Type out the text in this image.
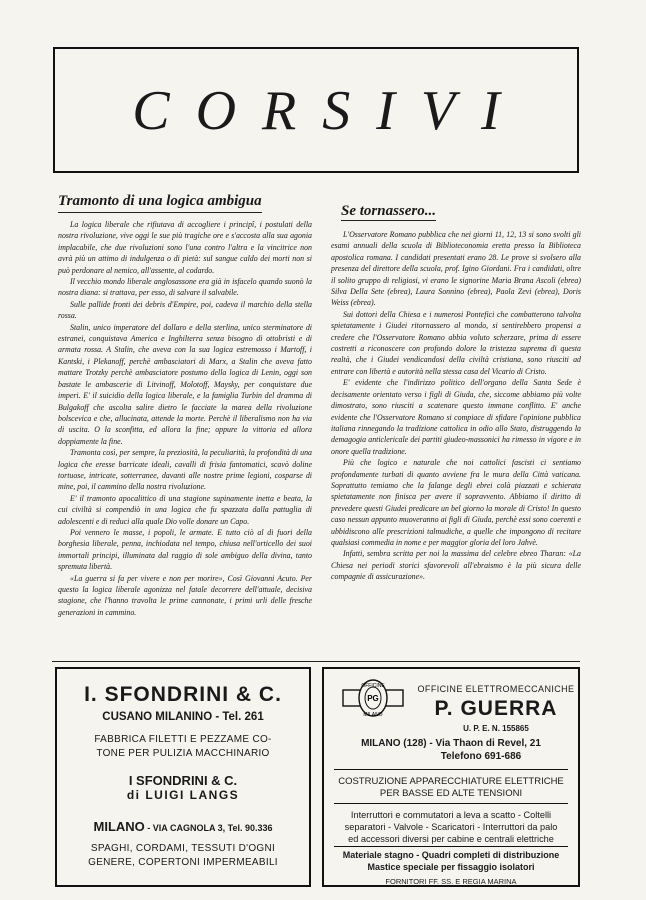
CORSIVI
Tramonto di una logica ambigua

La logica liberale che rifiutava di accogliere i principî, i postulati della nostra rivoluzione, vive oggi le sue più tragiche ore e s'accosta alla sua agonia implacabile, che due rivoluzioni sono l'una contro l'altra e la vincitrice non avrà più un attimo di indulgenza o di pietà: sul sangue caldo dei morti non si può perdonare al nemico, all'assente, al codardo.

Il vecchio mondo liberale anglosassone era già in isfacelo quando suonò la nostra diana: si trattava, per esso, di salvare il salvabile.

Sulle pallide fronti dei debris d'Empire, poi, cadeva il marchio della stella rossa.

Stalin, unico imperatore del dollaro e della sterlina, unico sterminatore di estranei, conquistava America e Inghilterra senza bisogno di ottobristi e di armata rossa. A Stalin, che aveva con la sua logica estremosso i Martoff, i Kantski, i Plekanoff, perchè ambasciatori di Marx, a Stalin che aveva fatto mattare Trotzky perchè ambasciatore postumo della logica di Lenin, oggi son bastate le ambascerie di Litvinoff, Molotoff, Maysky, per conquistare due imperi. E' il suicidio della logica liberale, e la famiglia Turbin del dramma di Bulgakoff che ascolta salire dietro le facciate la marea della rivoluzione bolscevica e che, allucinata, attende la morte. Perchè il liberalismo non ha via di uscita. O la sconfitta, ed allora la fine; oppure la vittoria ed allora doppiamente la fine.

Tramonta così, per sempre, la preziosità, la peculiarità, la profondità di una logica che eresse barricate ideali, cavalli di frisia fantomatici, scavò doline tortuose, intricate, sotterranee, davanti alle nostre prime legioni, cosparse di mine, poi, il cammino della nostra rivoluzione.

E' il tramonto apocalittico di una stagione supinamente inetta e beata, la cui civiltà si compendiò in una logica che fu spazzata dalla pattuglia di adolescenti e di reduci alla quale Dio volle donare un Capo.

Poi vennero le masse, i popoli, le armate. E tutto ciò al di fuori della borghesia liberale, penna, inchiodata nel tempo, chiusa nell'orticello dei suoi immortali principi, illuminata dal raggio di sole ambiguo della divina, tanto spremuta libertà.

«La guerra si fa per vivere e non per morire», Così Giovanni Acuto. Per questo la logica liberale agonizza nel fatale decorrere dell'attuale, decisiva stagione, che l'hanno travolta le prime cannonate, i primi urli delle fresche generazioni in cammino.

Se tornassero...

L'Osservatore Romano pubblica che nei giorni 11, 12, 13 si sono svolti gli esami annuali della scuola di Biblioteconomia eretta presso la Biblioteca apostolica romana. I candidati presentati erano 28. Le prove si svolsero alla presenza del direttore della scuola, prof. Igino Giordani. Fra i candidati, oltre il solito gruppo di religiosi, vi erano le signorine Maria Brana Ascoli (ebrea) Silva Della Sete (ebrea), Laura Sonnino (ebrea), Paola Zevi (ebrea), Doris Weiss (ebrea).

Sui dottori della Chiesa e i numerosi Pontefici che combatterono talvolta spietatamente i Giudei ritornassero al mondo, si sentirebbero propensi a credere che l'Osservatore Romano abbia voluto scherzare, prima di essere costretti a riconoscere con profondo dolore la tristezza suprema di questa realtà, che i Giudei vendicandosi della civiltà cristiana, sono riusciti ad entrare con libertà e autorità nella stessa casa del Vicario di Cristo.

E' evidente che l'indirizzo politico dell'organo della Santa Sede è decisamente orientato verso i figli di Giuda, che, siccome abbiamo più volte dimostrato, sono riusciti a scatenare questo immane conflitto. E' anche evidente che l'Osservatore Romano si compiace di sfidare l'opinione pubblica italiana rinnegando la tradizione cattolica in odio allo Stato, distruggendo la demagogia anticlericale dei partiti giudeo-massonici ha rimesso in vigore e in onore quella tradizione.

Più che logico e naturale che noi cattolici fascisti ci sentiamo profondamente turbati di quanto avviene fra le mura della Città vaticana. Soprattutto temiamo che la falange degli ebrei colà piazzati e schierata spietatamente non finisca per avere il sopravvento. Abbiamo il diritto di prevedere questi Giudei predicare un bel giorno la morale di Cristo! In questo caso nessun appunto muoveranno ai figli di Giuda, perchè essi sono coerenti e ubbidiscono alle prescrizioni talmudiche, a quelle che impongono di recitare qualsiasi commedia in nome e per maggior gloria del loro Jahvè.

Infatti, sembra scritta per noi la massima del celebre ebreo Tharan: «La Chiesa nei periodi storici sfavorevoli all'ebraismo è la più sicura delle compagnie di assicurazione».

I. SFONDRINI & C.
CUSANO MILANINO - Tel. 261
FABBRICA FILETTI E PEZZAME CO-
TONE PER PULIZIA MACCHINARIO
I SFONDRINI & C.
di LUIGI LANGS
MILANO - VIA CAGNOLA 3, Tel. 90.336
SPAGHI, CORDAMI, TESSUTI D'OGNI
GENERE, COPERTONI IMPERMEABILI
PG
OFFICINE
MILANO
OFFICINE ELETTROMECCANICHE
P. GUERRA
U. P. E. N. 155865
MILANO (128) - Via Thaon di Revel, 21
Telefono 691-686
COSTRUZIONE APPARECCHIATURE ELETTRICHE
PER BASSE ED ALTE TENSIONI
Interruttori e commutatori a leva a scatto - Coltelli
separatori - Valvole - Scaricatori - Interruttori da palo
ed accessori diversi per cabine e centrali elettriche
Materiale stagno - Quadri completi di distribuzione
Mastice speciale per fissaggio isolatori
FORNITORI FF. SS. E REGIA MARINA
